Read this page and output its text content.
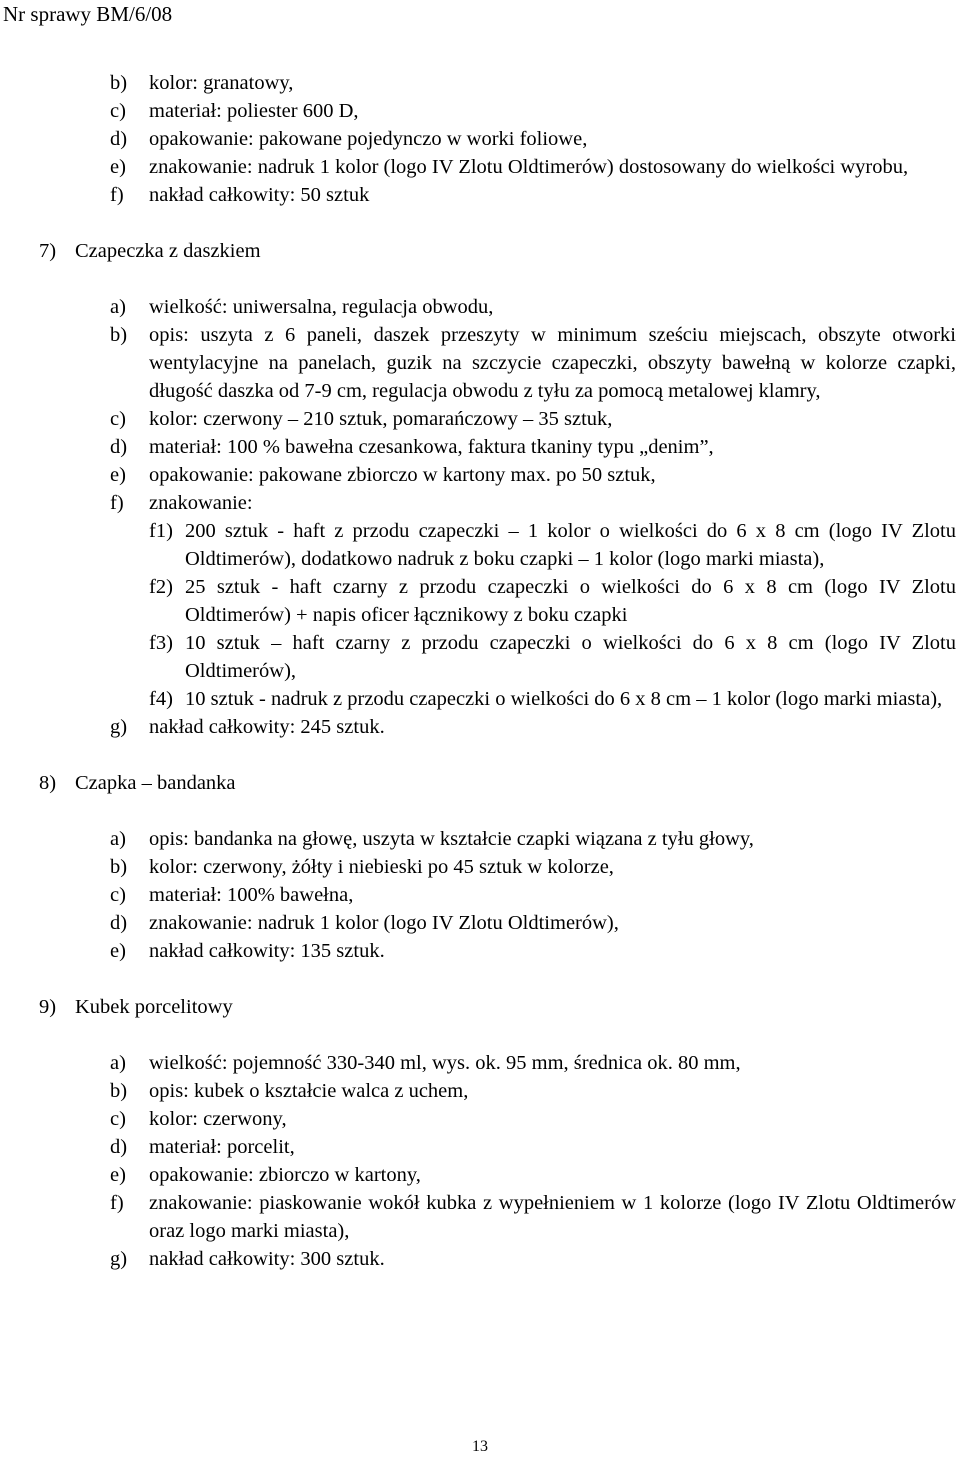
Nr sprawy BM/6/08
b) kolor: granatowy,
c) materiał: poliester 600 D,
d) opakowanie: pakowane pojedynczo w worki foliowe,
e) znakowanie: nadruk 1 kolor (logo IV Zlotu Oldtimerów) dostosowany do wielkości wyrobu,
f) nakład całkowity: 50 sztuk
7) Czapeczka z daszkiem
a) wielkość: uniwersalna, regulacja obwodu,
b) opis: uszyta z 6 paneli, daszek przeszyty w minimum sześciu miejscach, obszyte otworki wentylacyjne na panelach, guzik na szczycie czapeczki, obszyty bawełną w kolorze czapki, długość daszka od 7-9 cm, regulacja obwodu z tyłu za pomocą metalowej klamry,
c) kolor: czerwony – 210 sztuk, pomarańczowy – 35 sztuk,
d) materiał: 100 % bawełna czesankowa, faktura tkaniny typu „denim”,
e) opakowanie: pakowane zbiorczo w kartony max. po 50 sztuk,
f) znakowanie:
f1) 200 sztuk - haft z przodu czapeczki – 1 kolor o wielkości do 6 x 8 cm (logo IV Zlotu Oldtimerów), dodatkowo nadruk z boku czapki – 1 kolor (logo marki miasta),
f2) 25 sztuk - haft czarny z przodu czapeczki o wielkości do 6 x 8 cm (logo IV Zlotu Oldtimerów) + napis oficer łącznikowy z boku czapki
f3) 10 sztuk – haft czarny z przodu czapeczki o wielkości do 6 x 8 cm (logo IV Zlotu Oldtimerów),
f4) 10 sztuk - nadruk z przodu czapeczki o wielkości do 6 x 8 cm – 1 kolor (logo marki miasta),
g) nakład całkowity: 245 sztuk.
8) Czapka – bandanka
a) opis: bandanka na głowę, uszyta w kształcie czapki wiązana z tyłu głowy,
b) kolor: czerwony, żółty i niebieski po 45 sztuk w kolorze,
c) materiał: 100% bawełna,
d) znakowanie: nadruk 1 kolor (logo IV Zlotu Oldtimerów),
e) nakład całkowity: 135 sztuk.
9) Kubek porcelitowy
a) wielkość: pojemność 330-340 ml, wys. ok. 95 mm, średnica ok. 80 mm,
b) opis: kubek o kształcie walca z uchem,
c) kolor: czerwony,
d) materiał: porcelit,
e) opakowanie: zbiorczo w kartony,
f) znakowanie: piaskowanie wokół kubka z wypełnieniem w 1 kolorze (logo IV Zlotu Oldtimerów oraz logo marki miasta),
g) nakład całkowity: 300 sztuk.
13
